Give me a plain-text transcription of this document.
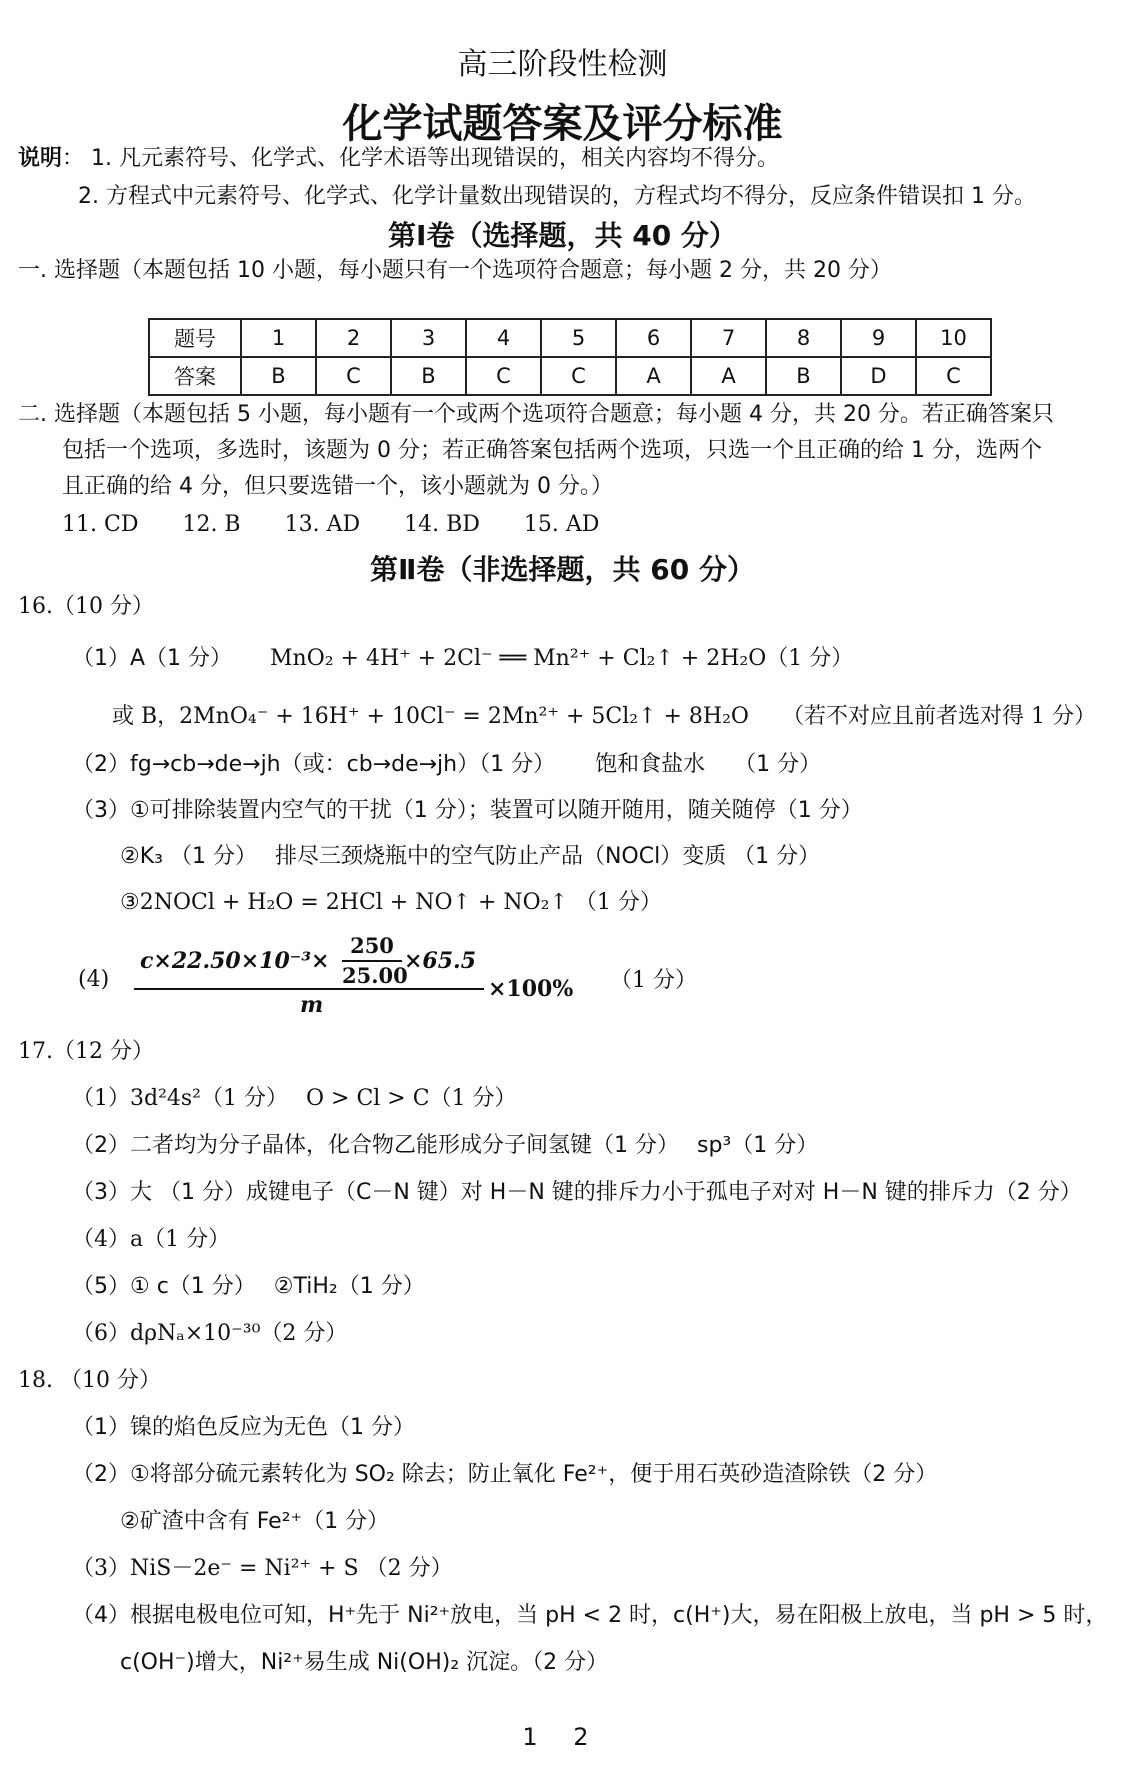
高三阶段性检测
化学试题答案及评分标准
说明： 1. 凡元素符号、化学式、化学术语等出现错误的，相关内容均不得分。
2. 方程式中元素符号、化学式、化学计量数出现错误的，方程式均不得分，反应条件错误扣 1 分。
第Ⅰ卷（选择题，共 40 分）
一. 选择题（本题包括 10 小题，每小题只有一个选项符合题意；每小题 2 分，共 20 分）
题号	1	2	3	4	5	6	7	8	9	10
答案	B	C	B	C	C	A	A	B	D	C
二. 选择题（本题包括 5 小题，每小题有一个或两个选项符合题意；每小题 4 分，共 20 分。若正确答案只
包括一个选项，多选时，该题为 0 分；若正确答案包括两个选项，只选一个且正确的给 1 分，选两个
且正确的给 4 分，但只要选错一个，该小题就为 0 分。）
11. CD　　12. B　　13. AD　　14. BD　　15. AD
第Ⅱ卷（非选择题，共 60 分）
16.（10 分）
（1）A（1 分） MnO₂ + 4H⁺ + 2Cl⁻ ══ Mn²⁺ + Cl₂↑ + 2H₂O（1 分）
或 B，2MnO₄⁻ + 16H⁺ + 10Cl⁻ = 2Mn²⁺ + 5Cl₂↑ + 8H₂O　　（若不对应且前者选对得 1 分）
（2）fg→cb→de→jh（或：cb→de→jh）（1 分）　　 饱和食盐水　 （1 分）
（3）①可排除装置内空气的干扰（1 分）；装置可以随开随用，随关随停（1 分）
②K₃ （1 分）　 排尽三颈烧瓶中的空气防止产品（NOCl）变质 （1 分）
③2NOCl + H₂O = 2HCl + NO↑ + NO₂↑ （1 分）
(4)
$c\times 22.50\times 10^{-3}\times \frac{250}{25.00} \times 65.5$
m
×100% （1 分）
17.（12 分）
（1）3d²4s²（1 分）　 O > Cl > C（1 分）
（2）二者均为分子晶体，化合物乙能形成分子间氢键（1 分）　 sp³（1 分）
（3）大 （1 分）成键电子（C－N 键）对 H－N 键的排斥力小于孤电子对对 H－N 键的排斥力（2 分）
（4）a（1 分）
（5）① c（1 分）　 ②TiH₂（1 分）
（6）dρNₐ×10⁻³⁰（2 分）
18. （10 分）
（1）镍的焰色反应为无色（1 分）
（2）①将部分硫元素转化为 SO₂ 除去；防止氧化 Fe²⁺，便于用石英砂造渣除铁（2 分）
②矿渣中含有 Fe²⁺（1 分）
（3）NiS－2e⁻ = Ni²⁺ + S （2 分）
（4）根据电极电位可知，H⁺先于 Ni²⁺放电，当 pH < 2 时，c(H⁺)大，易在阳极上放电，当 pH > 5 时，
c(OH⁻)增大，Ni²⁺易生成 Ni(OH)₂ 沉淀。（2 分）
1 2
